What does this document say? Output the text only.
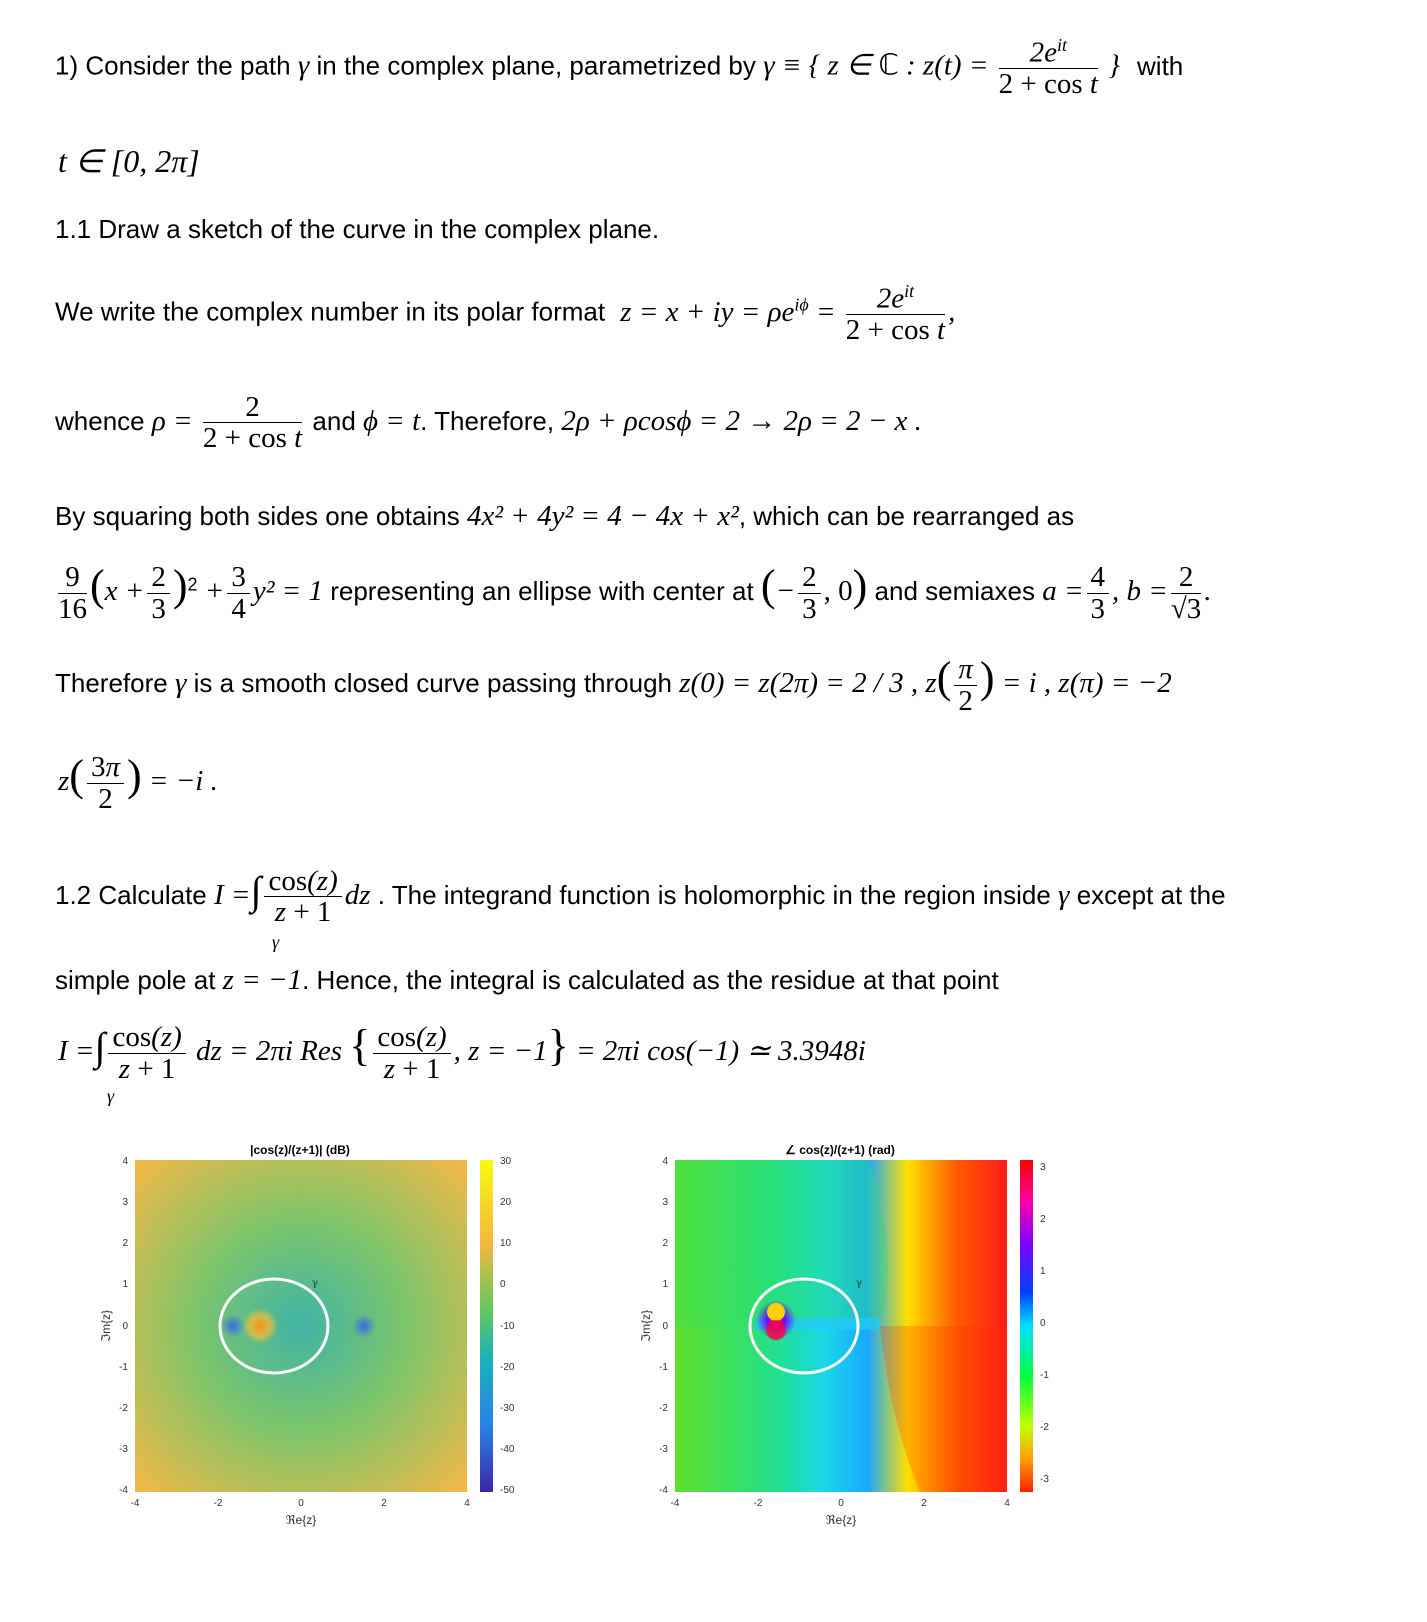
1) Consider the path γ in the complex plane, parametrized by γ ≡ { z ∈ ℂ : $z(t) = \frac{2e^{it}}{\text{2 + cos t}}$ } with
t ∈ [0, 2π]
1.1 Draw a sketch of the curve in the complex plane.
We write the complex number in its polar format z = x + iy = $\rho e^{i\phi} = \frac{2e^{it}}{\text{2 + cos t}}$ ,
whence $\rho = \frac{2}{\text{2 + cos t}}$ and ϕ = t. Therefore, 2ρ + ρcosϕ = 2 → 2ρ = 2 − x .
By squaring both sides one obtains 4x² + 4y² = 4 − 4x + x², which can be rearranged as
$\frac{9}{16} (x + \frac{2}{3} )^2 + \frac{3}{4} y^2 = 1$ representing an ellipse with center at (− $\frac{2}{3}$ , 0) and semiaxes $a = \frac{4}{3}$ , $b = \frac{2}{√3}$ .
Therefore γ is a smooth closed curve passing through z(0) = z(2π) = 2 / 3 , $z( \frac{\pi}{2}$ ) = i , z(π) = −2
$z( \frac{3\pi}{2}$ ) = −i .
1.2 Calculate I =∫ $\frac{\cos(z)}{z + 1}$ dz . The integrand function is holomorphic in the region inside γ except at the
γ
simple pole at z = −1. Hence, the integral is calculated as the residue at that point
I =∫ $\frac{\cos(z)}{z + 1}$ dz = 2πi Res { $\frac{\cos(z)}{z + 1}$ , z = −1} = 2πi cos(−1) ≃ 3.3948i
γ
γ
|cos(z)/(z+1)| (dB)
4
3
2
1
0
-1
-2
-3
-4
-4	-2	0	2	4
ℜe{z}
ℑm{z}
30
20
10
0
-10
-20
-30
-40
-50
γ
∠ cos(z)/(z+1) (rad)
4
3
2
1
0
-1
-2
-3
-4
-4	-2	0	2	4
ℜe{z}
ℑm{z}
3
2
1
0
-1
-2
-3
